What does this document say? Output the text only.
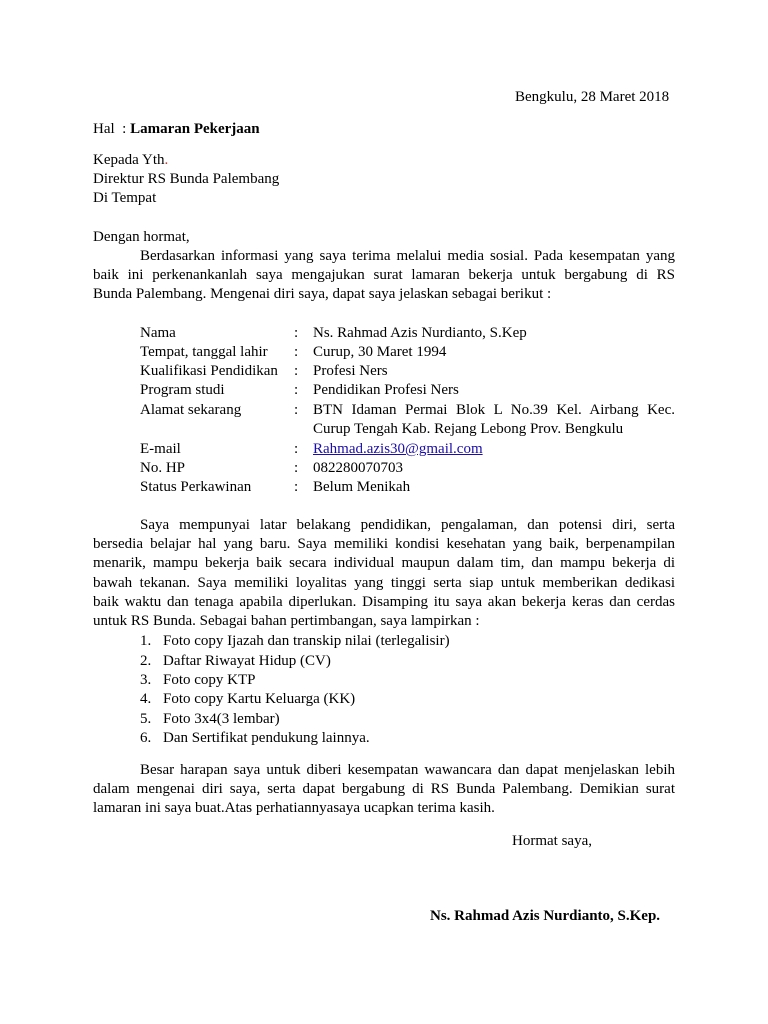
Bengkulu, 28 Maret 2018
Hal  : Lamaran Pekerjaan
Kepada Yth.
Direktur RS Bunda Palembang
Di Tempat
Dengan hormat,
Berdasarkan informasi yang saya terima melalui media sosial. Pada kesempatan yang
baik ini perkenankanlah saya mengajukan surat lamaran bekerja untuk bergabung di RS
Bunda Palembang. Mengenai diri saya, dapat saya jelaskan sebagai berikut :
Nama	: Ns. Rahmad Azis Nurdianto, S.Kep
Tempat, tanggal lahir : Curup, 30 Maret 1994
Kualifikasi Pendidikan : Profesi Ners
Program studi	: Pendidikan Profesi Ners
Alamat sekarang	: BTN Idaman Permai Blok L No.39 Kel. Airbang Kec.
Curup Tengah Kab. Rejang Lebong Prov. Bengkulu
E-mail	: Rahmad.azis30@gmail.com
No. HP	: 082280070703
Status Perkawinan	: Belum Menikah
Saya mempunyai latar belakang pendidikan, pengalaman, dan potensi diri, serta
bersedia belajar hal yang baru. Saya memiliki kondisi kesehatan yang baik, berpenampilan
menarik, mampu bekerja baik secara individual maupun dalam tim, dan mampu bekerja di
bawah tekanan. Saya memiliki loyalitas yang tinggi serta siap untuk memberikan dedikasi
baik waktu dan tenaga apabila diperlukan. Disamping itu saya akan bekerja keras dan cerdas
untuk RS Bunda. Sebagai bahan pertimbangan, saya lampirkan :
1. Foto copy Ijazah dan transkip nilai (terlegalisir)
2. Daftar Riwayat Hidup (CV)
3. Foto copy KTP
4. Foto copy Kartu Keluarga (KK)
5. Foto 3x4(3 lembar)
6. Dan Sertifikat pendukung lainnya.
Besar harapan saya untuk diberi kesempatan wawancara dan dapat menjelaskan lebih
dalam mengenai diri saya, serta dapat bergabung di RS Bunda Palembang. Demikian surat
lamaran ini saya buat.Atas perhatiannyasaya ucapkan terima kasih.
Hormat saya,
Ns. Rahmad Azis Nurdianto, S.Kep.
